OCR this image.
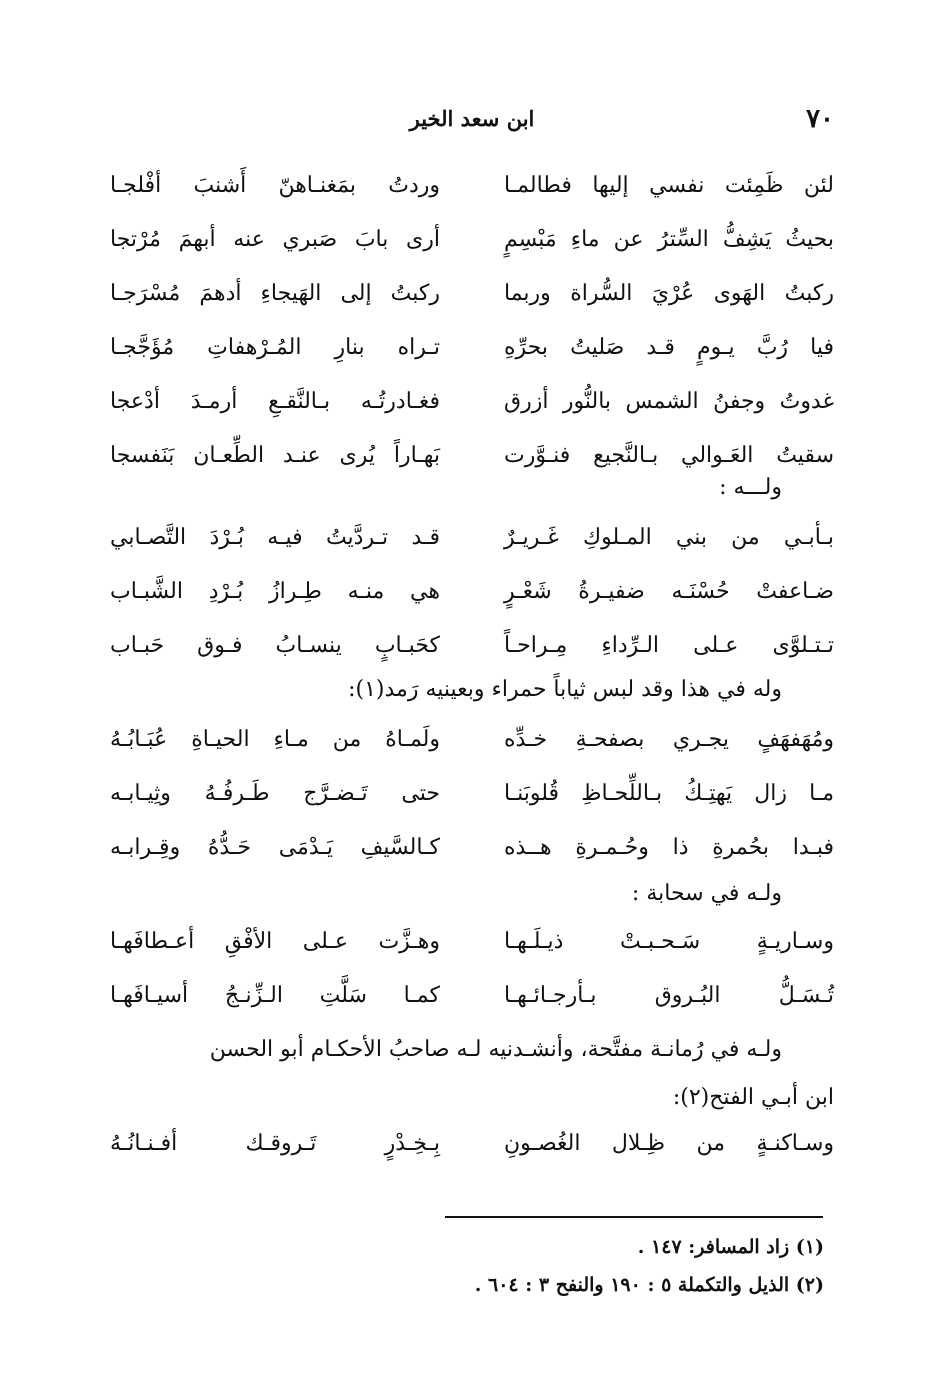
٧٠
ابن سعد الخير
لئن ظَمِئت نفسي إليها فطالمـا
وردتُ بمَغنـاهنّ أَشنبَ أفْلجـا
بحيثُ يَشِفُّ السِّترُ عن ماءِ مَبْسِمٍ
أرى بابَ صَبري عنه أبهمَ مُرْتجا
ركبتُ الهَوى عُرْيَ السُّراة وربما
ركبتُ إلى الهَيجاءِ أدهمَ مُسْرَجـا
فيا رُبَّ يـومٍ قـد صَليتُ بحرِّهِ
تـراه بنارِ المُـرْهفاتِ مُؤَجَّجـا
غدوتُ وجفنُ الشمس بالنُّور أزرق
فغـادرتُـه بـالنَّقـعِ أرمـدَ أدْعجا
سقيتُ العَـوالي بـالنَّجيع فنـوَّرت
بَهـاراً يُرى عنـد الطِّعـان بَنَفسجا
ولـــه :
بـأبـي من بني المـلوكِ غَـريـرٌ
قـد تـردَّيتُ فيـه بُـرْدَ التَّصـابي
ضـاعفتْ حُسْنَـه ضفيـرةُ شَعْـرٍ
هي منـه طِـرازُ بُـرْدِ الشَّبـاب
تـتـلوَّى عـلى الـرِّداءِ مِـراحـاً
كحَبـابٍ ينسـابُ فـوق حَبـاب
وله في هذا وقد لبس ثياباً حمراء وبعينيه رَمد(١):
ومُهَفهَفٍ يجـري بصفحـةِ خـدِّه
ولَمـاهُ من مـاءِ الحيـاةِ عُبَـابُـهُ
مـا زال يَهتِـكُ بـاللِّحـاظِ قُلوبَنـا
حتى تَـضـرَّج طَـرفُـهُ وثِيـابـه
فبـدا بحُمرةِ ذا وحُـمـرةِ هــذه
كـالسَّيفِ يَـدْمَى حَـدُّهُ وقِـرابـه
ولـه في سحابة :
وسـاريـةٍ سَـحـبـتْ ذيـلَـهـا
وهـزَّت عـلى الأفْقِ أعـطافَهـا
تُـسَـلُّ البُـروق بـأرجـائـهـا
كمـا سَلَّتِ الـزِّنـجُ أسيـافَهـا
ولـه في رُمانـة مفتَّحة، وأنشـدنيه لـه صاحبُ الأحكـام أبو الحسن
ابن أبـي الفتح(٢):
وسـاكنـةٍ من ظِـلال الغُصـونِ
بِـخِـدْرٍ تَـروقـك أفـنـانُـهُ
(١) زاد المسافر: ١٤٧ .
(٢) الذيل والتكملة ٥ : ١٩٠ والنفح ٣ : ٦٠٤ .
